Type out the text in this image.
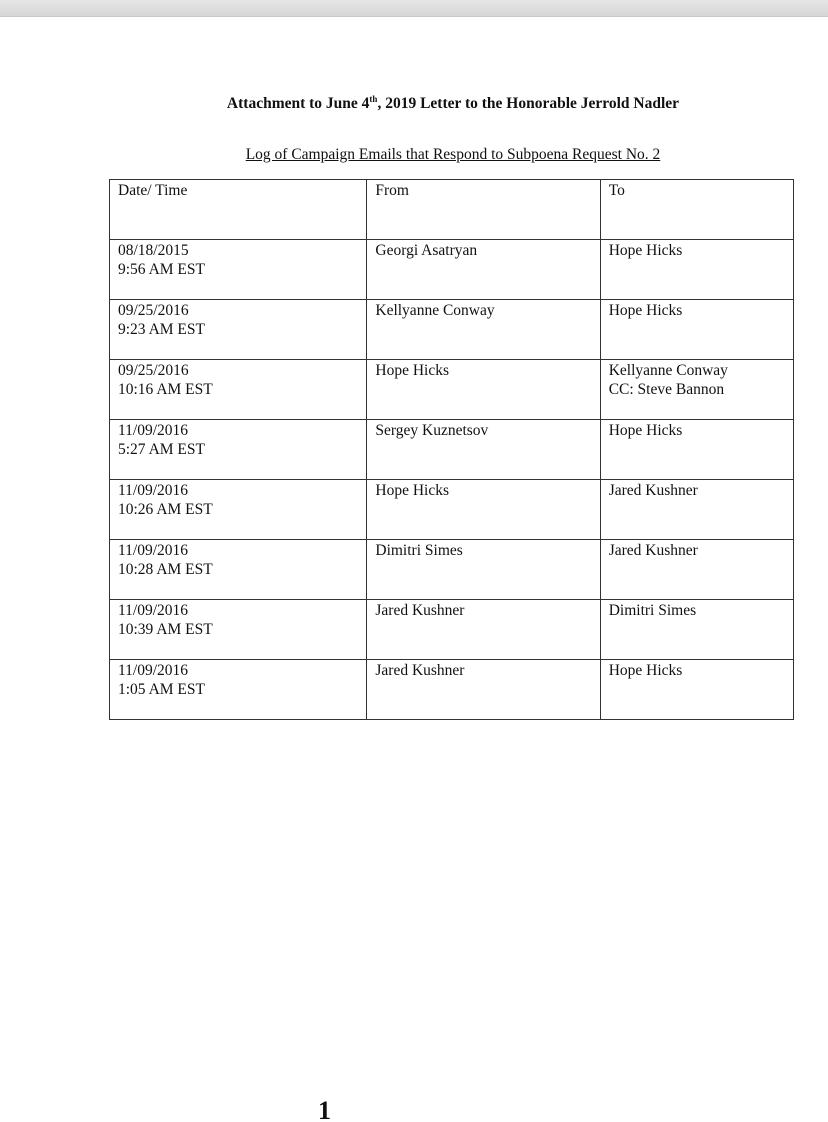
Attachment to June 4th, 2019 Letter to the Honorable Jerrold Nadler
Log of Campaign Emails that Respond to Subpoena Request No. 2
Date/ Time	From	To

08/18/2015
9:56 AM EST	Georgi Asatryan	Hope Hicks

09/25/2016
9:23 AM EST	Kellyanne Conway	Hope Hicks

09/25/2016
10:16 AM EST	Hope Hicks	Kellyanne Conway
CC: Steve Bannon

11/09/2016
5:27 AM EST	Sergey Kuznetsov	Hope Hicks

11/09/2016
10:26 AM EST	Hope Hicks	Jared Kushner

11/09/2016
10:28 AM EST	Dimitri Simes	Jared Kushner

11/09/2016
10:39 AM EST	Jared Kushner	Dimitri Simes

11/09/2016
1:05 AM EST	Jared Kushner	Hope Hicks
1
